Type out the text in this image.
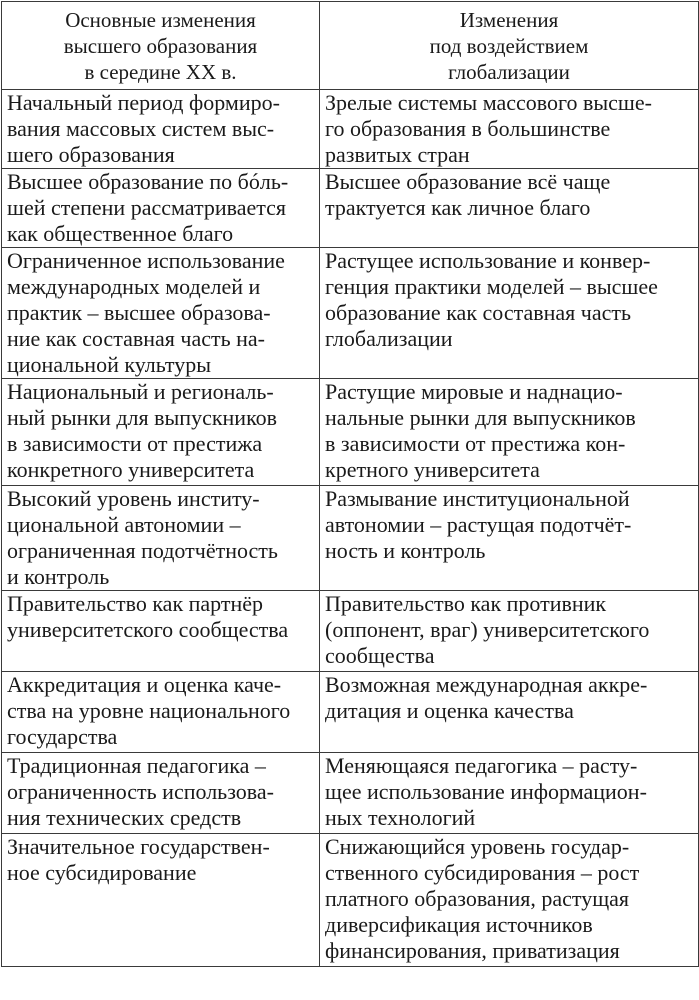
Основные изменения
высшего образования
в середине XX в.	Изменения
под воздействием
глобализации

Начальный период формиро-
вания массовых систем выс-
шего образования	Зрелые системы массового высше-
го образования в большинстве
развитых стран

Высшее образование по бóль-
шей степени рассматривается
как общественное благо	Высшее образование всё чаще
трактуется как личное благо

Ограниченное использование
международных моделей и
практик – высшее образова-
ние как составная часть на-
циональной культуры	Растущее использование и конвер-
генция практики моделей – высшее
образование как составная часть
глобализации

Национальный и региональ-
ный рынки для выпускников
в зависимости от престижа
конкретного университета	Растущие мировые и наднацио-
нальные рынки для выпускников
в зависимости от престижа кон-
кретного университета

Высокий уровень институ-
циональной автономии –
ограниченная подотчётность
и контроль	Размывание институциональной
автономии – растущая подотчёт-
ность и контроль

Правительство как партнёр
университетского сообщества	Правительство как противник
(оппонент, враг) университетского
сообщества

Аккредитация и оценка каче-
ства на уровне национального
государства	Возможная международная аккре-
дитация и оценка качества

Традиционная педагогика –
ограниченность использова-
ния технических средств	Меняющаяся педагогика – расту-
щее использование информацион-
ных технологий

Значительное государствен-
ное субсидирование	Снижающийся уровень государ-
ственного субсидирования – рост
платного образования, растущая
диверсификация источников
финансирования, приватизация
